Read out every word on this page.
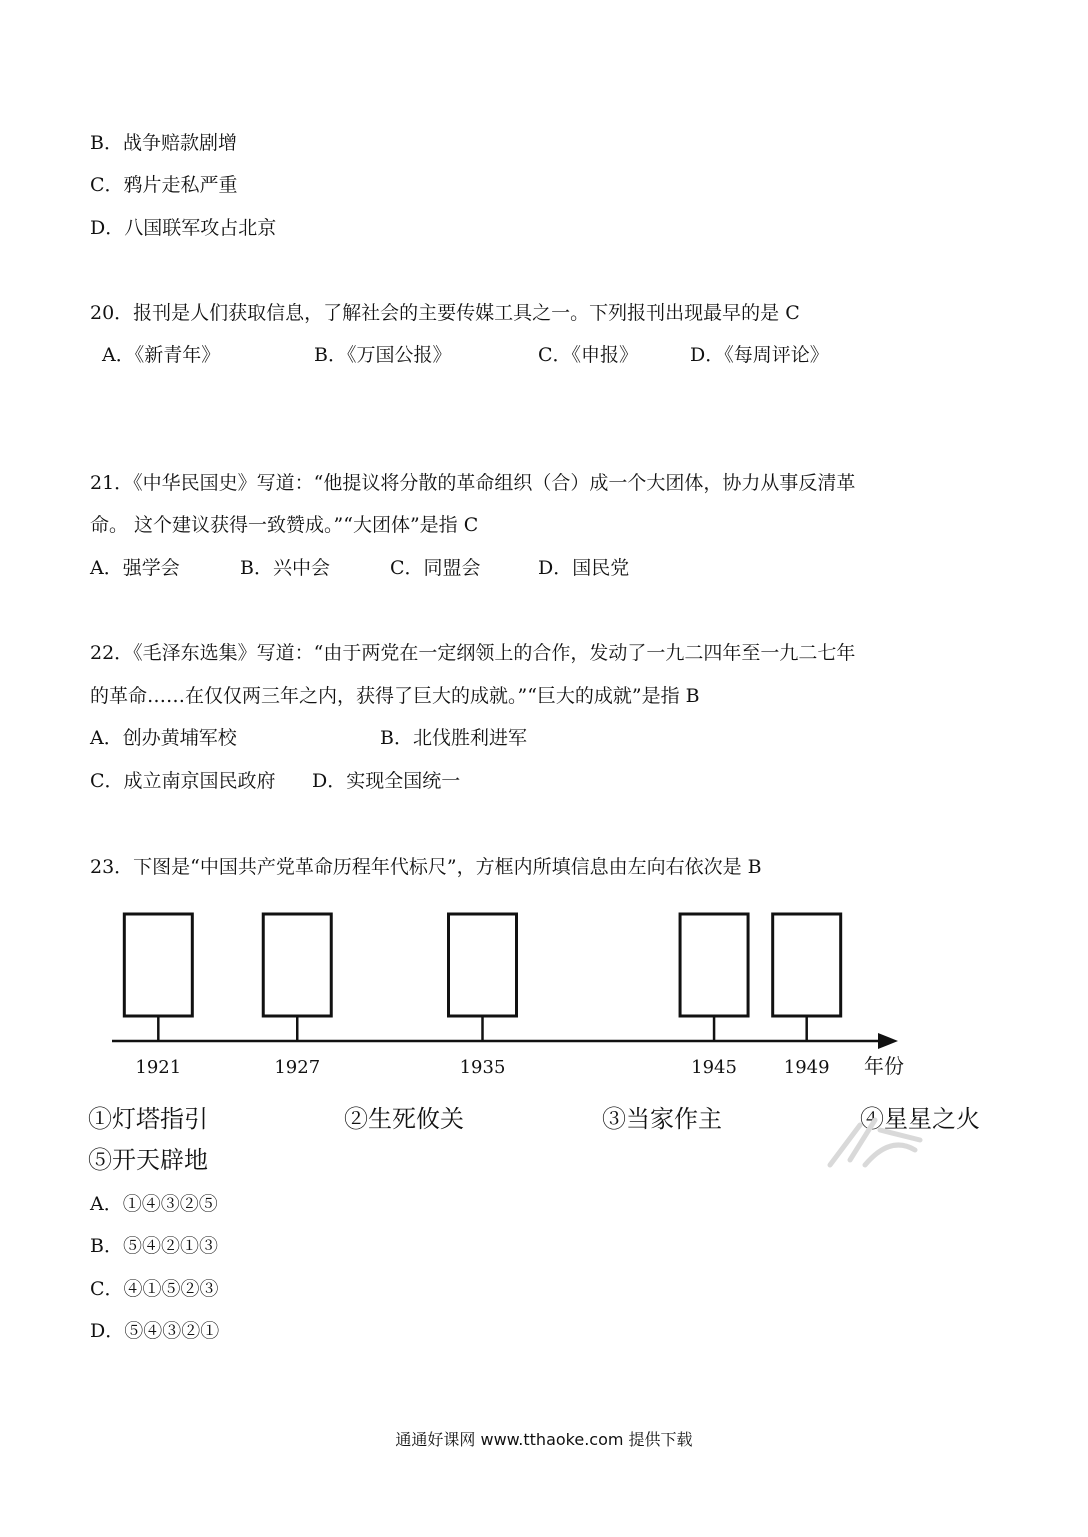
B．战争赔款剧增
C．鸦片走私严重
D．八国联军攻占北京
20．报刊是人们获取信息，了解社会的主要传媒工具之一。下列报刊出现最早的是 C
A．《新青年》	B．《万国公报》	C．《申报》	D．《每周评论》
21．《中华民国史》写道：“他提议将分散的革命组织（合）成一个大团体，协力从事反清革
命。 这个建议获得一致赞成。”“大团体”是指 C
A．强学会	B．兴中会	C．同盟会	D．国民党
22．《毛泽东选集》写道：“由于两党在一定纲领上的合作，发动了一九二四年至一九二七年
的革命……在仅仅两三年之内，获得了巨大的成就。”“巨大的成就”是指 B
A．创办黄埔军校	B．北伐胜利进军
C．成立南京国民政府 D．实现全国统一
23．下图是“中国共产党革命历程年代标尺”，方框内所填信息由左向右依次是 B
1921	1927	1935	1945	1949 年份
①灯塔指引	②生死攸关	③当家作主	④星星之火
⑤开天辟地
A．①④③②⑤
B．⑤④②①③
C．④①⑤②③
D．⑤④③②①
通通好课网 www.tthaoke.com 提供下载
